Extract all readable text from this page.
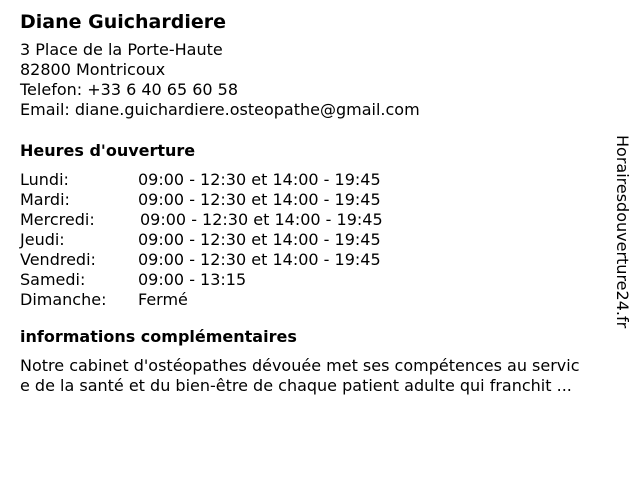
Diane Guichardiere
3 Place de la Porte-Haute
82800 Montricoux
Telefon: +33 6 40 65 60 58
Email: diane.guichardiere.osteopathe@gmail.com
Heures d'ouverture
Lundi:	09:00 - 12:30 et 14:00 - 19:45
Mardi:	09:00 - 12:30 et 14:00 - 19:45
Mercredi:	09:00 - 12:30 et 14:00 - 19:45
Jeudi:	09:00 - 12:30 et 14:00 - 19:45
Vendredi:	09:00 - 12:30 et 14:00 - 19:45
Samedi:	09:00 - 13:15
Dimanche: Fermé
informations complémentaires
Notre cabinet d'ostéopathes dévouée met ses compétences au servic
e de la santé et du bien-être de chaque patient adulte qui franchit ...
Horairesdouverture24.fr
